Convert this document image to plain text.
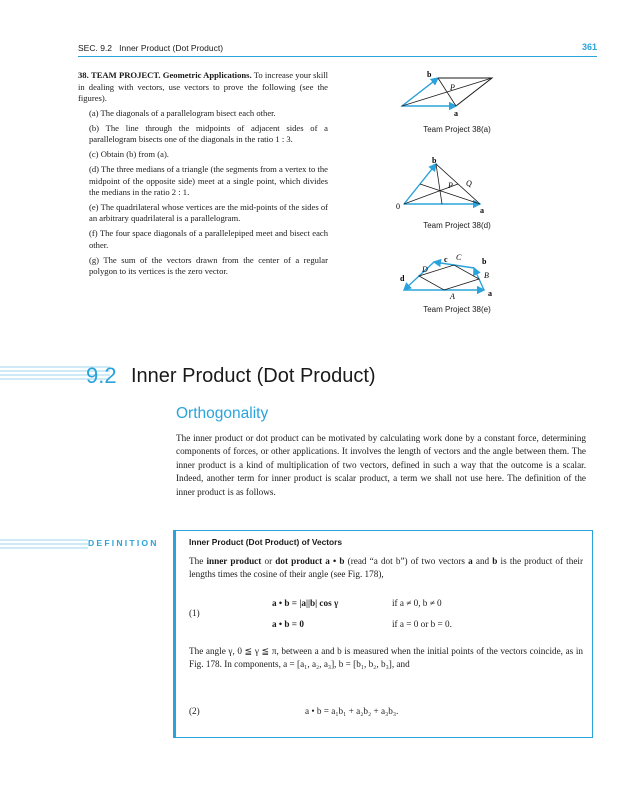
SEC. 9.2 Inner Product (Dot Product)	361

38. TEAM PROJECT. Geometric Applications. To increase your skill in dealing with vectors, use vectors to prove the following (see the figures).

(a) The diagonals of a parallelogram bisect each other.

(b) The line through the midpoints of adjacent sides of a parallelogram bisects one of the diagonals in the ratio 1 : 3.

(c) Obtain (b) from (a).

(d) The three medians of a triangle (the segments from a vertex to the midpoint of the opposite side) meet at a single point, which divides the medians in the ratio 2 : 1.

(e) The quadrilateral whose vertices are the mid-points of the sides of an arbitrary quadrilateral is a parallelogram.

(f) The four space diagonals of a parallelepiped meet and bisect each other.

(g) The sum of the vectors drawn from the center of a regular polygon to its vertices is the zero vector.

b
a
P
Team Project 38(a)
b
a
0
P Q
Team Project 38(d)
c C	b
B
d
D
A	a
Team Project 38(e)
9.2 Inner Product (Dot Product)
Orthogonality
The inner product or dot product can be motivated by calculating work done by a constant force, determining components of forces, or other applications. It involves the length of vectors and the angle between them. The inner product is a kind of multiplication of two vectors, defined in such a way that the outcome is a scalar. Indeed, another term for inner product is scalar product, a term we shall not use here. The definition of the inner product is as follows.
DEFINITION	Inner Product (Dot Product) of Vectors
The inner product or dot product a • b (read “a dot b”) of two vectors a and b is the product of their lengths times the cosine of their angle (see Fig. 178),
(1)
a • b = |a||b| cos γ	if a ≠ 0, b ≠ 0
a • b = 0	if a = 0 or b = 0.
The angle γ, 0 ≦ γ ≦ π, between a and b is measured when the initial points of the vectors coincide, as in Fig. 178. In components, a = [a₁, a₂, a₃], b = [b₁, b₂, b₃], and
(2)	a • b = a₁b₁ + a₂b₂ + a₃b₃.
